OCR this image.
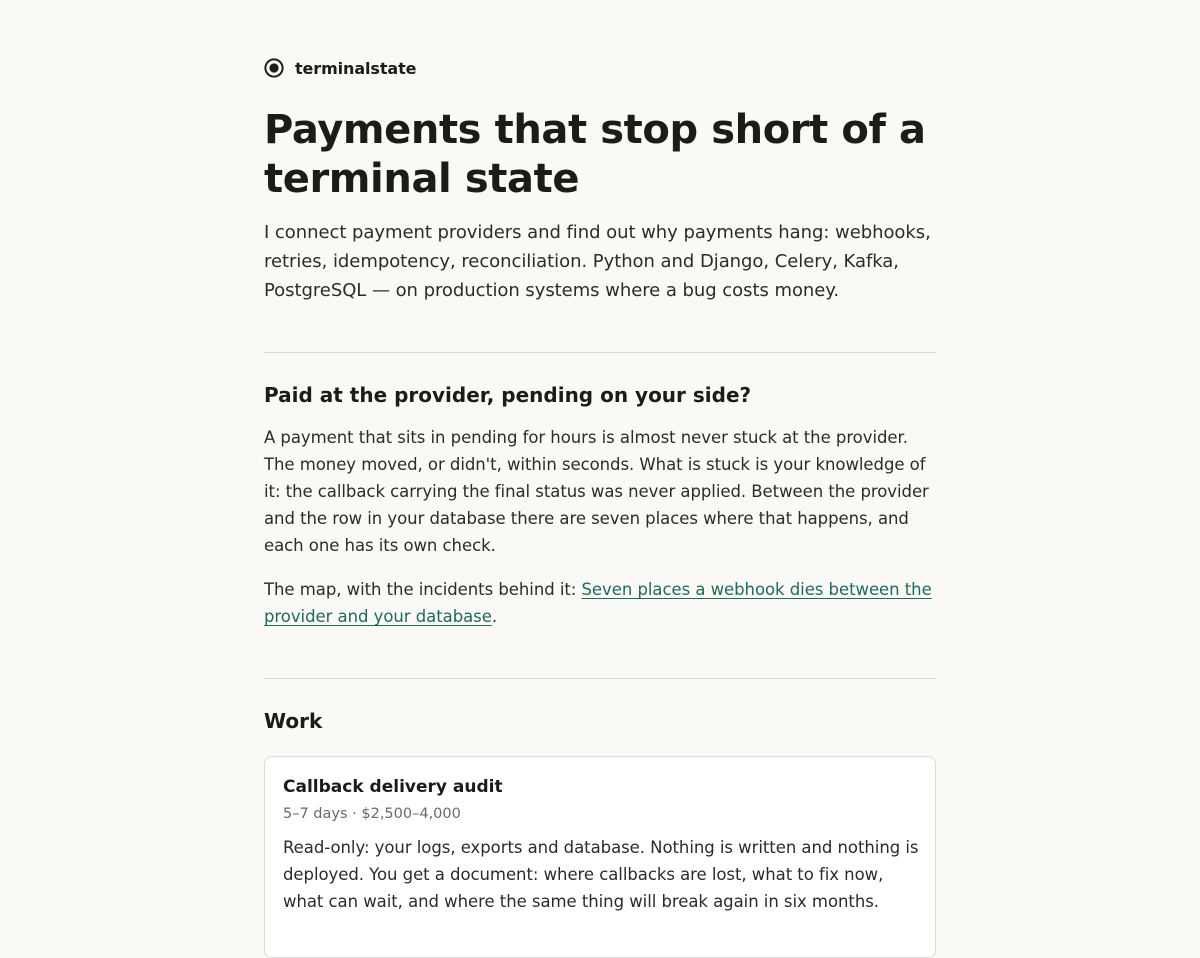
terminalstate
Payments that stop short of a terminal state

I connect payment providers and find out why payments hang: webhooks, retries, idempotency, reconciliation. Python and Django, Celery, Kafka, PostgreSQL — on production systems where a bug costs money.

Paid at the provider, pending on your side?

A payment that sits in pending for hours is almost never stuck at the provider. The money moved, or didn't, within seconds. What is stuck is your knowledge of it: the callback carrying the final status was never applied. Between the provider and the row in your database there are seven places where that happens, and each one has its own check.

The map, with the incidents behind it: Seven places a webhook dies between the provider and your database.

Work
Callback delivery audit
5–7 days · $2,500–4,000

Read-only: your logs, exports and database. Nothing is written and nothing is deployed. You get a document: where callbacks are lost, what to fix now, what can wait, and where the same thing will break again in six months.
